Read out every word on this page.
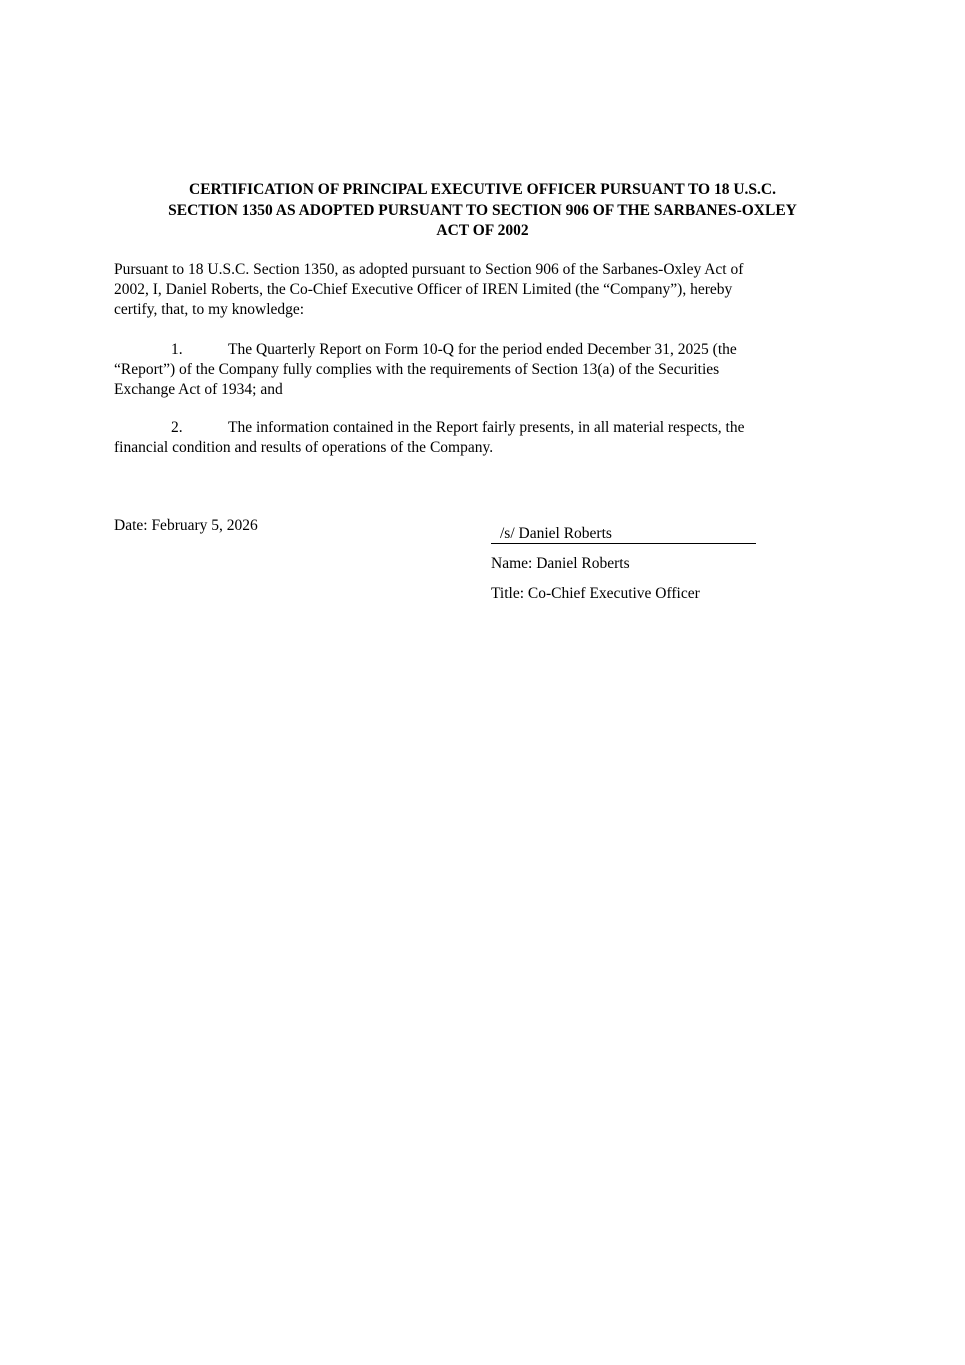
CERTIFICATION OF PRINCIPAL EXECUTIVE OFFICER PURSUANT TO 18 U.S.C.
SECTION 1350 AS ADOPTED PURSUANT TO SECTION 906 OF THE SARBANES-OXLEY
ACT OF 2002
Pursuant to 18 U.S.C. Section 1350, as adopted pursuant to Section 906 of the Sarbanes-Oxley Act of
2002, I, Daniel Roberts, the Co-Chief Executive Officer of IREN Limited (the “Company”), hereby
certify, that, to my knowledge:
1.	The Quarterly Report on Form 10-Q for the period ended December 31, 2025 (the
“Report”) of the Company fully complies with the requirements of Section 13(a) of the Securities
Exchange Act of 1934; and
2.	The information contained in the Report fairly presents, in all material respects, the
financial condition and results of operations of the Company.
Date: February 5, 2026	/s/ Daniel Roberts
Name: Daniel Roberts
Title: Co-Chief Executive Officer
